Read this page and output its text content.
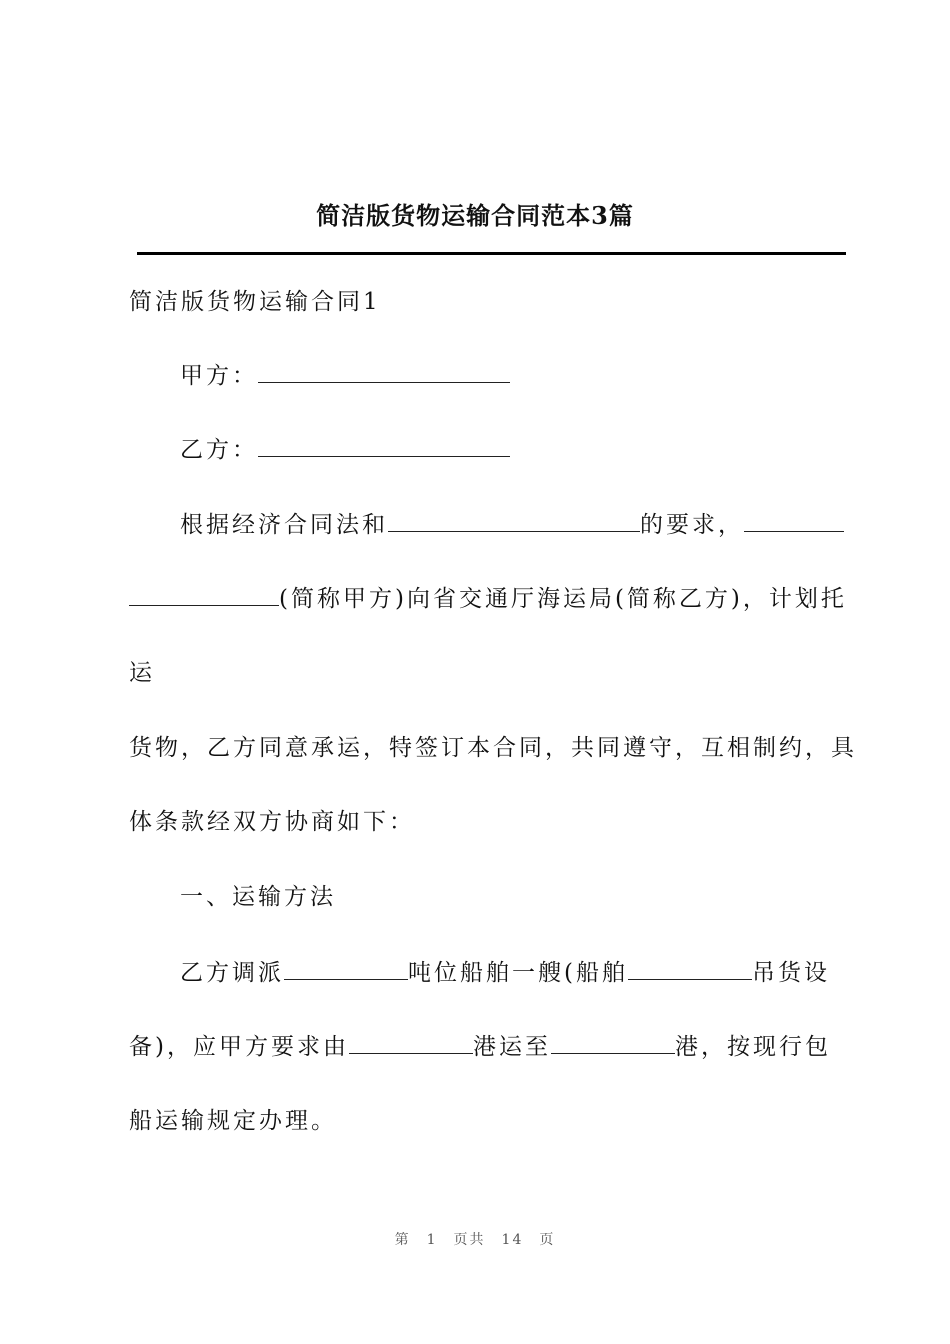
简洁版货物运输合同范本3篇
简洁版货物运输合同1
甲方：
乙方：
根据经济合同法和	的要求，
(简称甲方)向省交通厅海运局(简称乙方)，计划托
运
货物，乙方同意承运，特签订本合同，共同遵守，互相制约，具
体条款经双方协商如下：
一、运输方法
乙方调派	吨位船舶一艘(船舶	吊货设
备)，应甲方要求由	港运至	港，按现行包
船运输规定办理。
第 1 页共 14 页
